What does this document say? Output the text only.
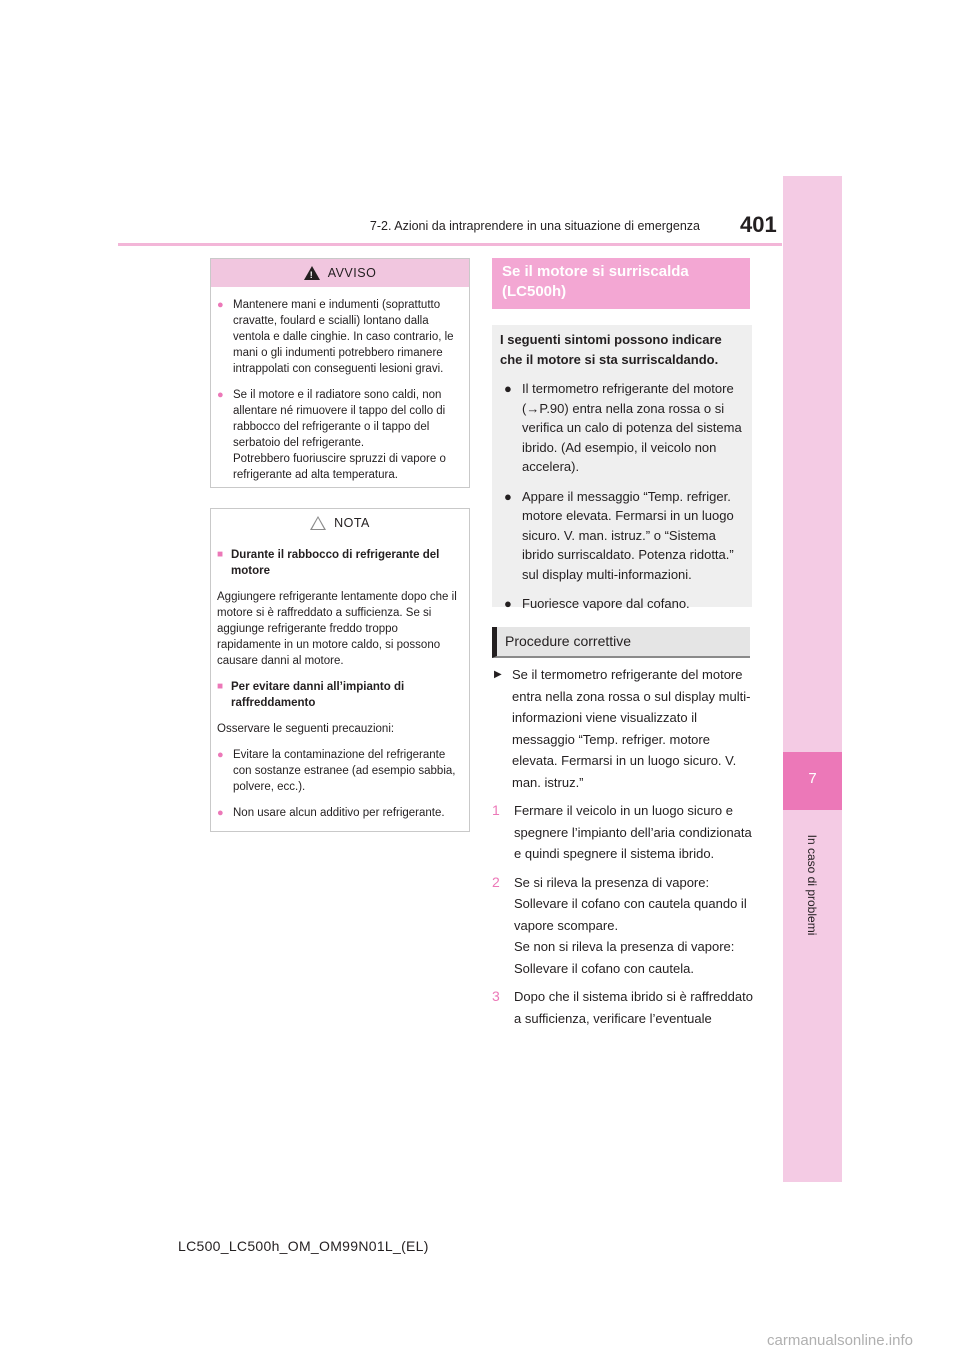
7
In caso di problemi
7-2. Azioni da intraprendere in una situazione di emergenza 401
! AVVISO
● Mantenere mani e indumenti (soprattutto cravatte, foulard e scialli) lontano dalla ventola e dalle cinghie. In caso contrario, le mani o gli indumenti potrebbero rimanere intrappolati con conseguenti lesioni gravi.
● Se il motore e il radiatore sono caldi, non allentare né rimuovere il tappo del collo di rabbocco del refrigerante o il tappo del serbatoio del refrigerante.
Potrebbero fuoriuscire spruzzi di vapore o refrigerante ad alta temperatura.
NOTA
■ Durante il rabbocco di refrigerante del motore
Aggiungere refrigerante lentamente dopo che il motore si è raffreddato a sufficienza. Se si aggiunge refrigerante freddo troppo rapidamente in un motore caldo, si possono causare danni al motore.
■ Per evitare danni all’impianto di raffreddamento
Osservare le seguenti precauzioni:
● Evitare la contaminazione del refrigerante con sostanze estranee (ad esempio sabbia, polvere, ecc.).
● Non usare alcun additivo per refrigerante.
Se il motore si surriscalda (LC500h)
I seguenti sintomi possono indicare che il motore si sta surriscaldando.
● Il termometro refrigerante del motore (→P.90) entra nella zona rossa o si verifica un calo di potenza del sistema ibrido. (Ad esempio, il veicolo non accelera).
● Appare il messaggio “Temp. refriger. motore elevata. Fermarsi in un luogo sicuro. V. man. istruz.” o “Sistema ibrido surriscaldato. Potenza ridotta.” sul display multi-informazioni.
● Fuoriesce vapore dal cofano.
Procedure correttive
▶ Se il termometro refrigerante del motore entra nella zona rossa o sul display multi-informazioni viene visualizzato il messaggio “Temp. refriger. motore elevata. Fermarsi in un luogo sicuro. V. man. istruz.”
1	Fermare il veicolo in un luogo sicuro e spegnere l’impianto dell’aria condizionata e quindi spegnere il sistema ibrido.
2	Se si rileva la presenza di vapore:
Sollevare il cofano con cautela quando il vapore scompare.
Se non si rileva la presenza di vapore:
Sollevare il cofano con cautela.
3	Dopo che il sistema ibrido si è raffreddato a sufficienza, verificare l’eventuale
LC500_LC500h_OM_OM99N01L_(EL)
carmanualsonline.info
